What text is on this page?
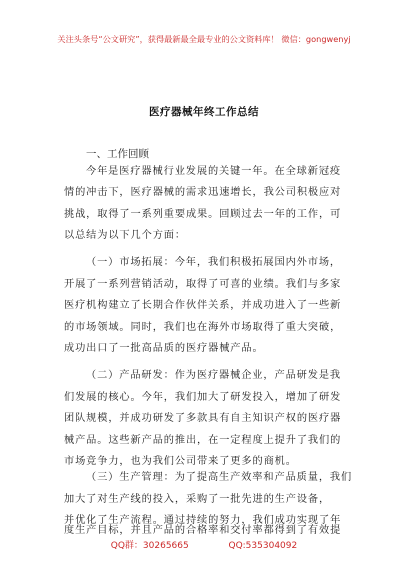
关注头条号“公文研究”，获得最新最全最专业的公文资料库！ 微信：gongwenyj
医疗器械年终工作总结
一、工作回顾
今年是医疗器械行业发展的关键一年。在全球新冠疫
情的冲击下，医疗器械的需求迅速增长，我公司积极应对
挑战，取得了一系列重要成果。回顾过去一年的工作，可
以总结为以下几个方面：
（一）市场拓展：今年，我们积极拓展国内外市场，
开展了一系列营销活动，取得了可喜的业绩。我们与多家
医疗机构建立了长期合作伙伴关系，并成功进入了一些新
的市场领域。同时，我们也在海外市场取得了重大突破，
成功出口了一批高品质的医疗器械产品。
（二）产品研发：作为医疗器械企业，产品研发是我
们发展的核心。今年，我们加大了研发投入，增加了研发
团队规模，并成功研发了多款具有自主知识产权的医疗器
械产品。这些新产品的推出，在一定程度上提升了我们的
市场竞争力，也为我们公司带来了更多的商机。
（三）生产管理：为了提高生产效率和产品质量，我们
加大了对生产线的投入，采购了一批先进的生产设备，
并优化了生产流程。通过持续的努力，我们成功实现了年
度生产目标，并且产品的合格率和交付率都得到了有效提
QQ群：30265665	QQ:535304092
